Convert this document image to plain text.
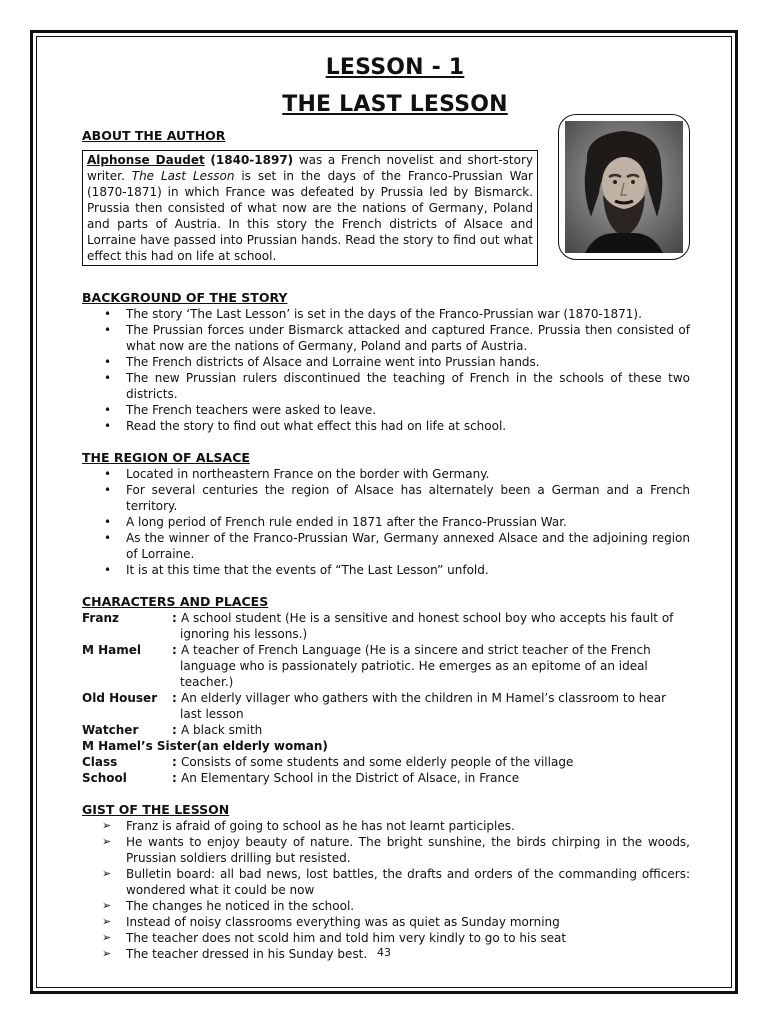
LESSON - 1
THE LAST LESSON

ABOUT THE AUTHOR

Alphonse Daudet (1840-1897) was a French novelist and short-story writer. The Last Lesson is set in the days of the Franco-Prussian War (1870-1871) in which France was defeated by Prussia led by Bismarck. Prussia then consisted of what now are the nations of Germany, Poland and parts of Austria. In this story the French districts of Alsace and Lorraine have passed into Prussian hands. Read the story to find out what effect this had on life at school.

BACKGROUND OF THE STORY

• The story ‘The Last Lesson’ is set in the days of the Franco-Prussian war (1870-1871).
• The Prussian forces under Bismarck attacked and captured France. Prussia then consisted of what now are the nations of Germany, Poland and parts of Austria.
• The French districts of Alsace and Lorraine went into Prussian hands.
• The new Prussian rulers discontinued the teaching of French in the schools of these two districts.
• The French teachers were asked to leave.
• Read the story to find out what effect this had on life at school.

THE REGION OF ALSACE

• Located in northeastern France on the border with Germany.
• For several centuries the region of Alsace has alternately been a German and a French territory.
• A long period of French rule ended in 1871 after the Franco-Prussian War.
• As the winner of the Franco-Prussian War, Germany annexed Alsace and the adjoining region of Lorraine.
• It is at this time that the events of “The Last Lesson” unfold.

CHARACTERS AND PLACES

Franz	: A school student (He is a sensitive and honest school boy who accepts his fault of ignoring his lessons.)
M Hamel	: A teacher of French Language (He is a sincere and strict teacher of the French language who is passionately patriotic. He emerges as an epitome of an ideal teacher.)
Old Houser	: An elderly villager who gathers with the children in M Hamel’s classroom to hear last lesson
Watcher	: A black smith
M Hamel’s Sister(an elderly woman)
Class	: Consists of some students and some elderly people of the village
School	: An Elementary School in the District of Alsace, in France

GIST OF THE LESSON

➢ Franz is afraid of going to school as he has not learnt participles.
➢ He wants to enjoy beauty of nature. The bright sunshine, the birds chirping in the woods, Prussian soldiers drilling but resisted.
➢ Bulletin board: all bad news, lost battles, the drafts and orders of the commanding officers: wondered what it could be now
➢ The changes he noticed in the school.
➢ Instead of noisy classrooms everything was as quiet as Sunday morning
➢ The teacher does not scold him and told him very kindly to go to his seat
➢ The teacher dressed in his Sunday best. 43
